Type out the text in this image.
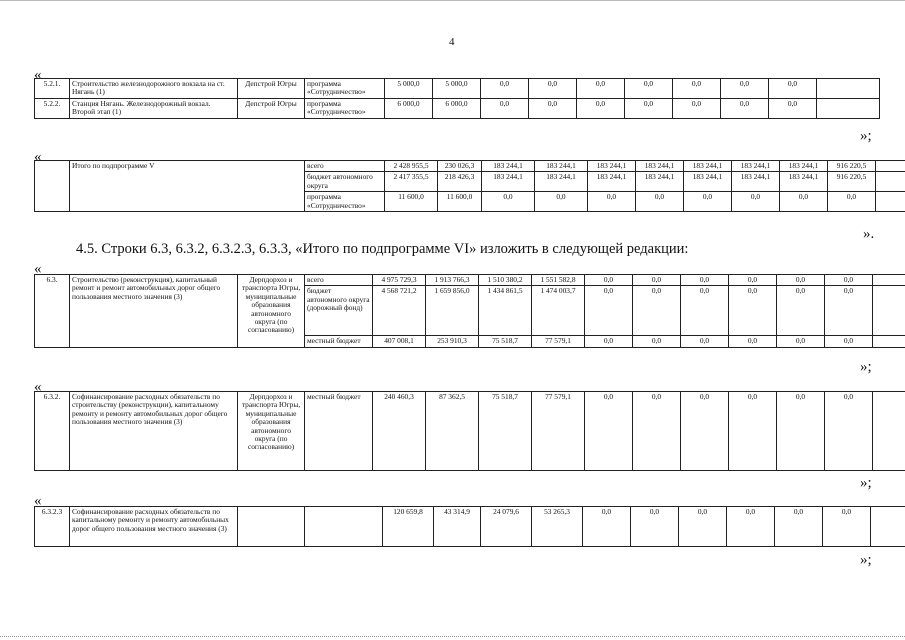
4
«
5.2.1.	Строительство железнодорожного вокзала на ст. Нягань (1)	Депстрой Югры	программа «Сотрудничество»	5 000,0	5 000,0	0,0	0,0	0,0	0,0	0,0	0,0	0,0	
5.2.2.	Станция Нягань. Железнодорожный вокзал. Второй этап (1)	Депстрой Югры	программа «Сотрудничество»	6 000,0	6 000,0	0,0	0,0	0,0	0,0	0,0	0,0	0,0	
»;
«
	Итого по подпрограмме V	всего	2 428 955,5	230 026,3	183 244,1	183 244,1	183 244,1	183 244,1	183 244,1	183 244,1	183 244,1	916 220,5	
		бюджет автономного округа	2 417 355,5	218 426,3	183 244,1	183 244,1	183 244,1	183 244,1	183 244,1	183 244,1	183 244,1	916 220,5	
		программа «Сотрудничество»	11 600,0	11 600,0	0,0	0,0	0,0	0,0	0,0	0,0	0,0	0,0	
».
4.5. Строки 6.3, 6.3.2, 6.3.2.3, 6.3.3, «Итого по подпрограмме VI» изложить в следующей редакции:
«
6.3.	Строительство (реконструкция), капитальный ремонт и ремонт автомобильных дорог общего пользования местного значения (3)	Дерпдорхоз и транспорта Югры, муниципальные образования автономного округа (по согласованию)	всего	4 975 729,3	1 913 766,3	1 510 380,2	1 551 582,8	0,0	0,0	0,0	0,0	0,0	0,0	
			бюджет автономного округа (дорожный фонд)	4 568 721,2	1 659 856,0	1 434 861,5	1 474 003,7	0,0	0,0	0,0	0,0	0,0	0,0	
			местный бюджет	407 008,1	253 910,3	75 518,7	77 579,1	0,0	0,0	0,0	0,0	0,0	0,0	
»;
«
6.3.2.	Софинансирование расходных обязательств по строительству (реконструкции), капитальному ремонту и ремонту автомобильных дорог общего пользования местного значения (3)	Дерпдорхоз и транспорта Югры, муниципальные образования автономного округа (по согласованию)	местный бюджет	240 460,3	87 362,5	75 518,7	77 579,1	0,0	0,0	0,0	0,0	0,0	0,0	
»;
«
6.3.2.3	Софинансирование расходных обязательств по капитальному ремонту и ремонту автомобильных дорог общего пользования местного значения (3)			120 659,8	43 314,9	24 079,6	53 265,3	0,0	0,0	0,0	0,0	0,0	0,0	
»;
